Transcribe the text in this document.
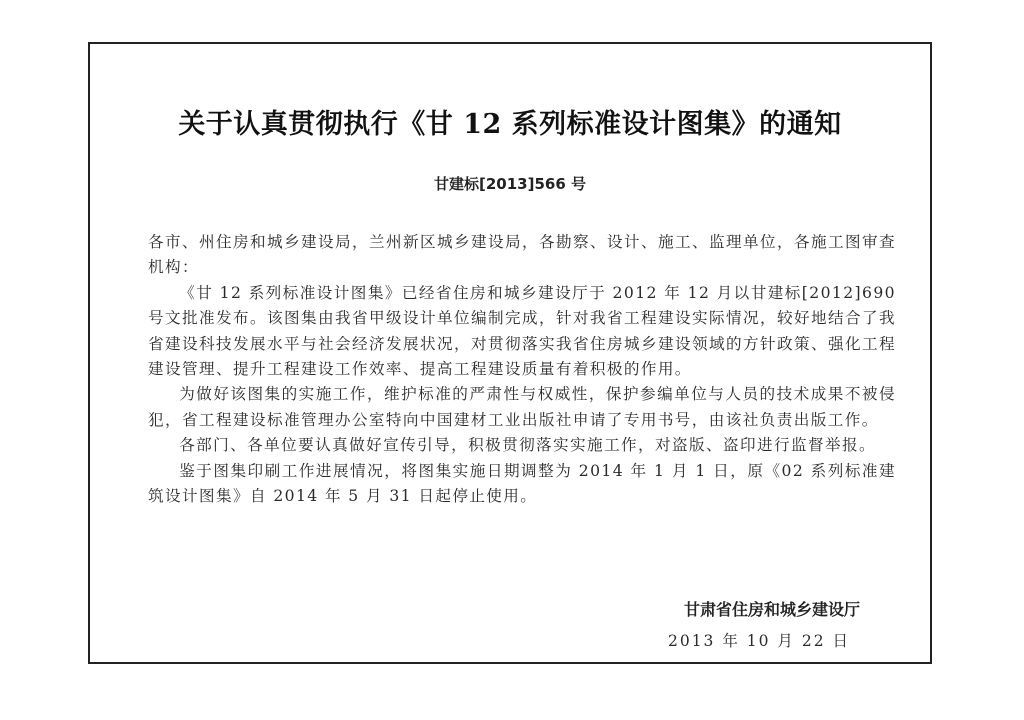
关于认真贯彻执行《甘 12 系列标准设计图集》的通知
甘建标[2013]566 号

各市、州住房和城乡建设局，兰州新区城乡建设局，各勘察、设计、施工、监理单位，各施工图审查机构：

《甘 12 系列标准设计图集》已经省住房和城乡建设厅于 2012 年 12 月以甘建标[2012]690 号文批准发布。该图集由我省甲级设计单位编制完成，针对我省工程建设实际情况，较好地结合了我省建设科技发展水平与社会经济发展状况，对贯彻落实我省住房城乡建设领域的方针政策、强化工程建设管理、提升工程建设工作效率、提高工程建设质量有着积极的作用。

为做好该图集的实施工作，维护标准的严肃性与权威性，保护参编单位与人员的技术成果不被侵犯，省工程建设标准管理办公室特向中国建材工业出版社申请了专用书号，由该社负责出版工作。

各部门、各单位要认真做好宣传引导，积极贯彻落实实施工作，对盗版、盗印进行监督举报。

鉴于图集印刷工作进展情况，将图集实施日期调整为 2014 年 1 月 1 日，原《02 系列标准建筑设计图集》自 2014 年 5 月 31 日起停止使用。

甘肃省住房和城乡建设厅
2013 年 10 月 22 日
